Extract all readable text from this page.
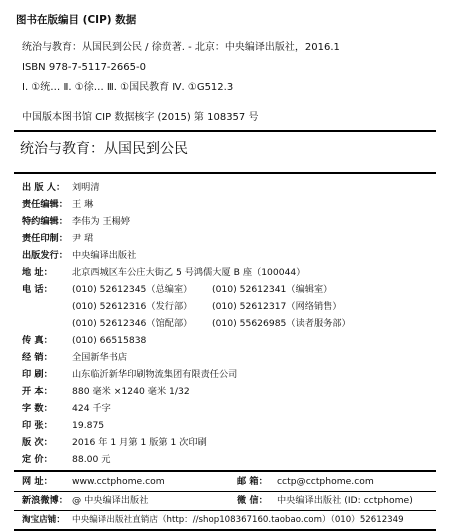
图书在版编目 (CIP) 数据
统治与教育：从国民到公民 / 徐贲著. - 北京：中央编译出版社，2016.1
ISBN 978-7-5117-2665-0
Ⅰ. ①统… Ⅱ. ①徐… Ⅲ. ①国民教育 Ⅳ. ①G512.3
中国版本图书馆 CIP 数据核字 (2015) 第 108357 号
统治与教育：从国民到公民
出 版 人： 刘明清
责任编辑： 王 琳
特约编辑： 李伟为 王楊婷
责任印制： 尹 珺
出版发行： 中央编译出版社
地 址： 北京西城区车公庄大街乙 5 号鸿儒大厦 B 座（100044）
电 话： (010) 52612345（总编室） (010) 52612341（编辑室）
(010) 52612316（发行部） (010) 52612317（网络销售）
(010) 52612346（馆配部） (010) 55626985（读者服务部）
传 真： (010) 66515838
经 销： 全国新华书店
印 刷： 山东临沂新华印刷物流集团有限责任公司
开 本： 880 毫米 ×1240 毫米 1/32
字 数： 424 千字
印 张： 19.875
版 次： 2016 年 1 月第 1 版第 1 次印刷
定 价： 88.00 元
网 址： www.cctphome.com	邮 箱： cctp@cctphome.com
新浪微博： @ 中央编译出版社	微 信： 中央编译出版社 (ID: cctphome)
淘宝店铺： 中央编译出版社直销店（http：//shop108367160.taobao.com）（010）52612349
